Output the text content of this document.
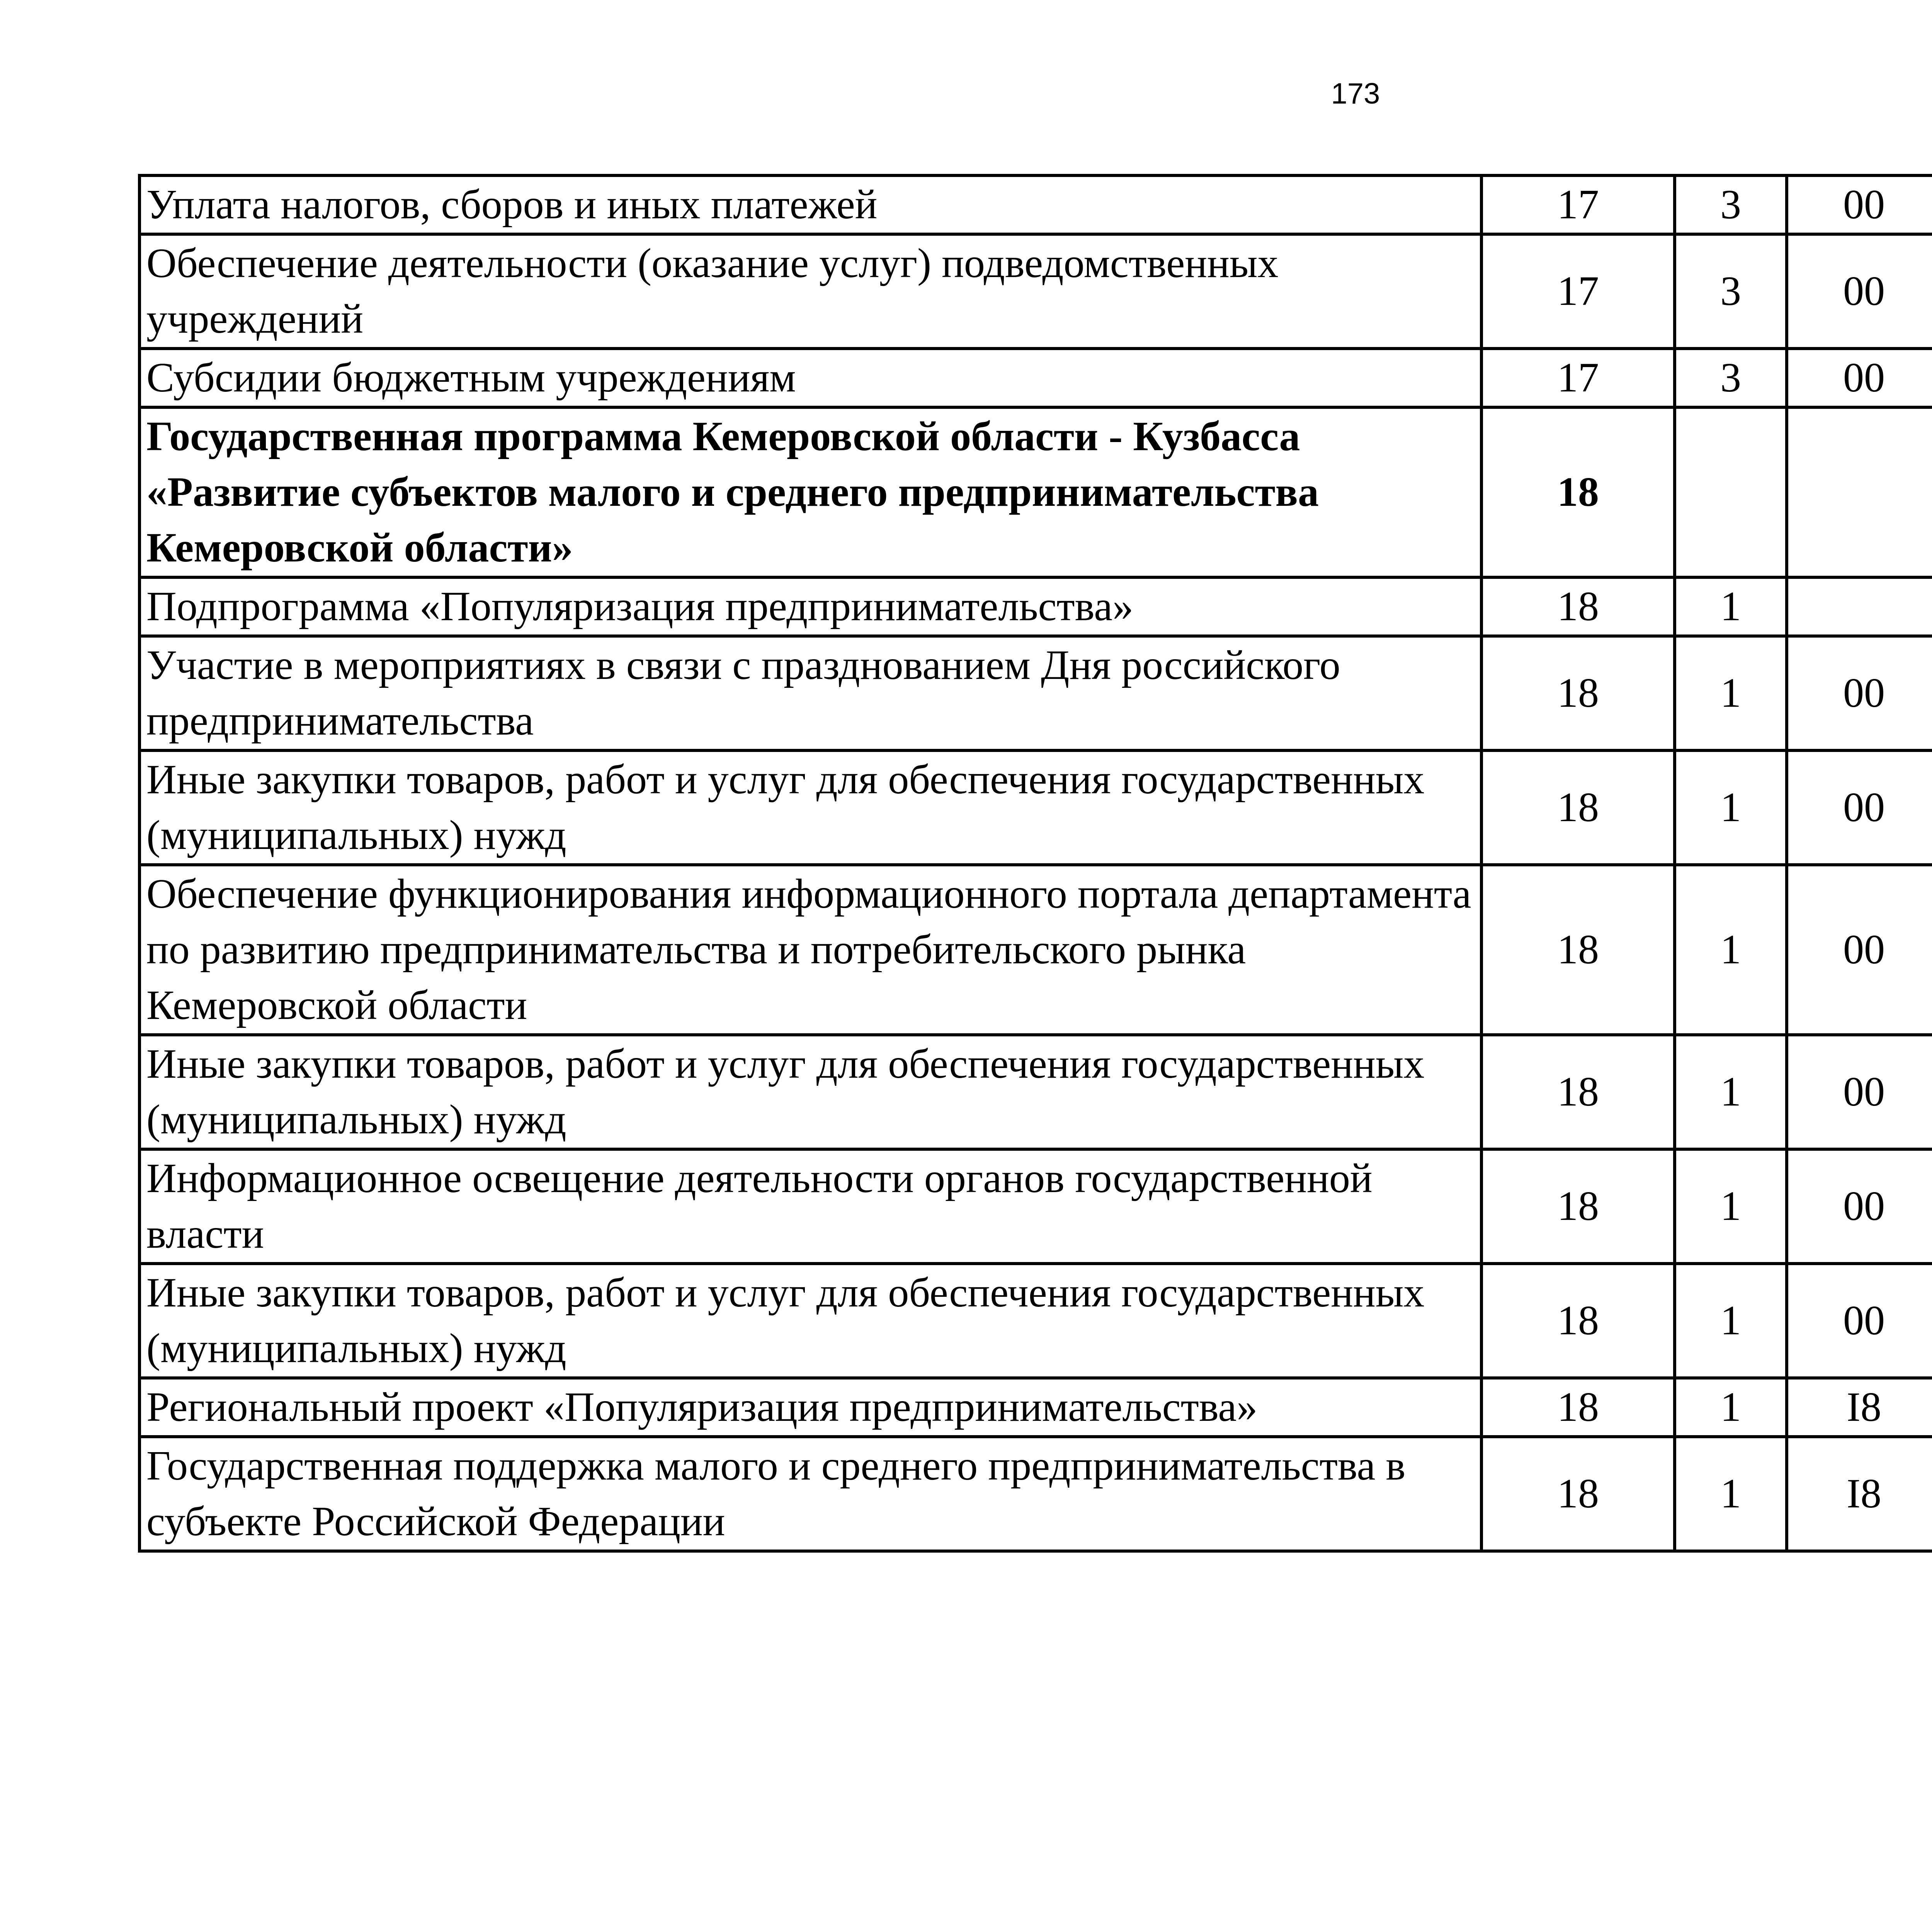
173
Уплата налогов, сборов и иных платежей	17	3	00			
Обеспечение деятельности (оказание услуг) подведомственных учреждений	17	3	00			
Субсидии бюджетным учреждениям	17	3	00			
Государственная программа Кемеровской области - Кузбасса «Развитие субъектов малого и среднего предпринимательства Кемеровской области»	18					
Подпрограмма «Популяризация предпринимательства»	18	1				
Участие в мероприятиях в связи с празднованием Дня российского предпринимательства	18	1	00			
Иные закупки товаров, работ и услуг для обеспечения государственных (муниципальных) нужд	18	1	00			
Обеспечение функционирования информационного портала департамента по развитию предпринимательства и потребительского рынка Кемеровской области	18	1	00			
Иные закупки товаров, работ и услуг для обеспечения государственных (муниципальных) нужд	18	1	00			
Информационное освещение деятельности органов государственной власти	18	1	00			
Иные закупки товаров, работ и услуг для обеспечения государственных (муниципальных) нужд	18	1	00			
Региональный проект «Популяризация предпринимательства»	18	1	I8			
Государственная поддержка малого и среднего предпринимательства в субъекте Российской Федерации	18	1	I8			
